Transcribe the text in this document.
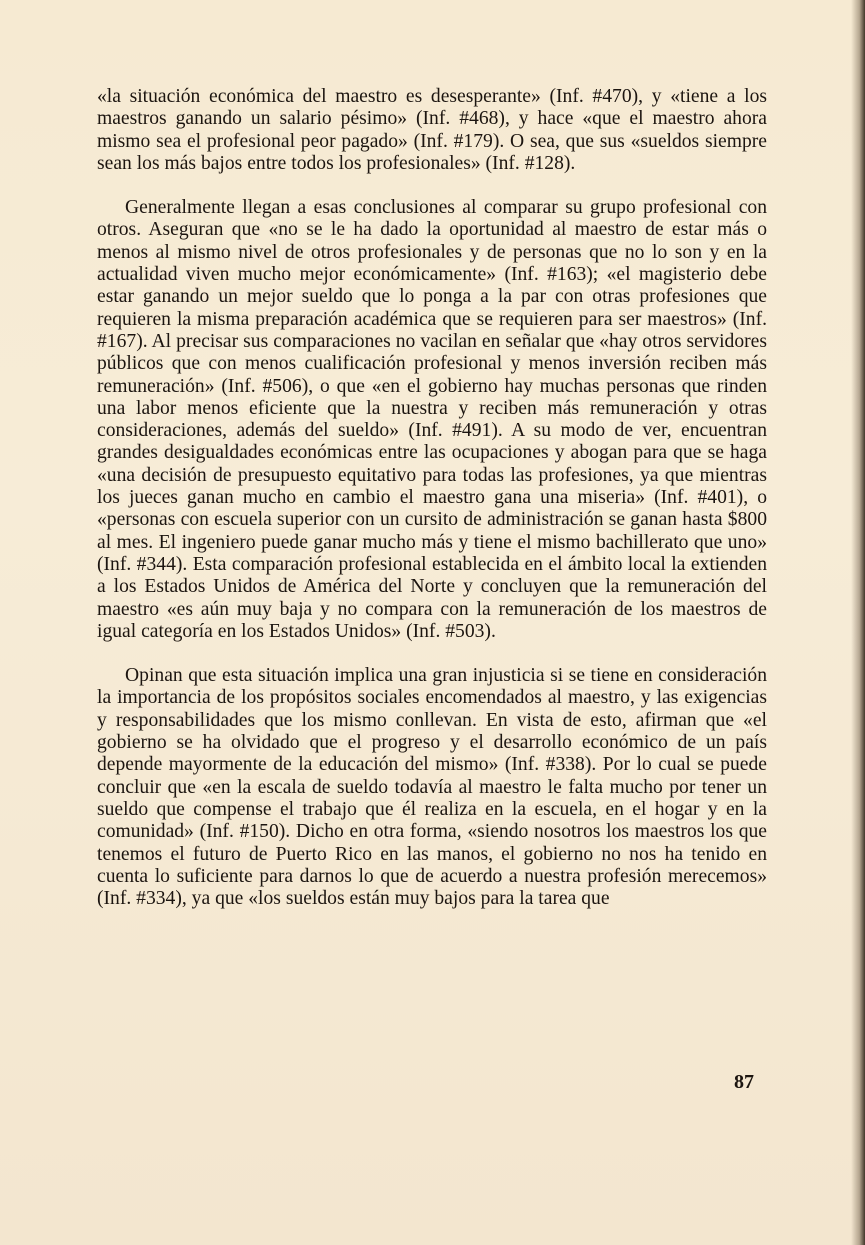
«la situación económica del maestro es desesperante» (Inf. #470), y «tiene a los maestros ganando un salario pésimo» (Inf. #468), y hace «que el maestro ahora mismo sea el profesional peor pagado» (Inf. #179). O sea, que sus «sueldos siempre sean los más bajos entre todos los profesionales» (Inf. #128).

Generalmente llegan a esas conclusiones al comparar su grupo profesional con otros. Aseguran que «no se le ha dado la oportunidad al maestro de estar más o menos al mismo nivel de otros profesionales y de personas que no lo son y en la actualidad viven mucho mejor económicamente» (Inf. #163); «el magisterio debe estar ganando un mejor sueldo que lo ponga a la par con otras profesiones que requieren la misma preparación académica que se requieren para ser maestros» (Inf. #167). Al precisar sus comparaciones no vacilan en señalar que «hay otros servidores públicos que con menos cualificación profesional y menos inversión reciben más remuneración» (Inf. #506), o que «en el gobierno hay muchas personas que rinden una labor menos eficiente que la nuestra y reciben más remuneración y otras consideraciones, además del sueldo» (Inf. #491). A su modo de ver, encuentran grandes desigualdades económicas entre las ocupaciones y abogan para que se haga «una decisión de presupuesto equitativo para todas las profesiones, ya que mientras los jueces ganan mucho en cambio el maestro gana una miseria» (Inf. #401), o «personas con escuela superior con un cursito de administración se ganan hasta $800 al mes. El ingeniero puede ganar mucho más y tiene el mismo bachillerato que uno» (Inf. #344). Esta comparación profesional establecida en el ámbito local la extienden a los Estados Unidos de América del Norte y concluyen que la remuneración del maestro «es aún muy baja y no compara con la remuneración de los maestros de igual categoría en los Estados Unidos» (Inf. #503).

Opinan que esta situación implica una gran injusticia si se tiene en consideración la importancia de los propósitos sociales encomendados al maestro, y las exigencias y responsabilidades que los mismo conllevan. En vista de esto, afirman que «el gobierno se ha olvidado que el progreso y el desarrollo económico de un país depende mayormente de la educación del mismo» (Inf. #338). Por lo cual se puede concluir que «en la escala de sueldo todavía al maestro le falta mucho por tener un sueldo que compense el trabajo que él realiza en la escuela, en el hogar y en la comunidad» (Inf. #150). Dicho en otra forma, «siendo nosotros los maestros los que tenemos el futuro de Puerto Rico en las manos, el gobierno no nos ha tenido en cuenta lo suficiente para darnos lo que de acuerdo a nuestra profesión merecemos» (Inf. #334), ya que «los sueldos están muy bajos para la tarea que

87
